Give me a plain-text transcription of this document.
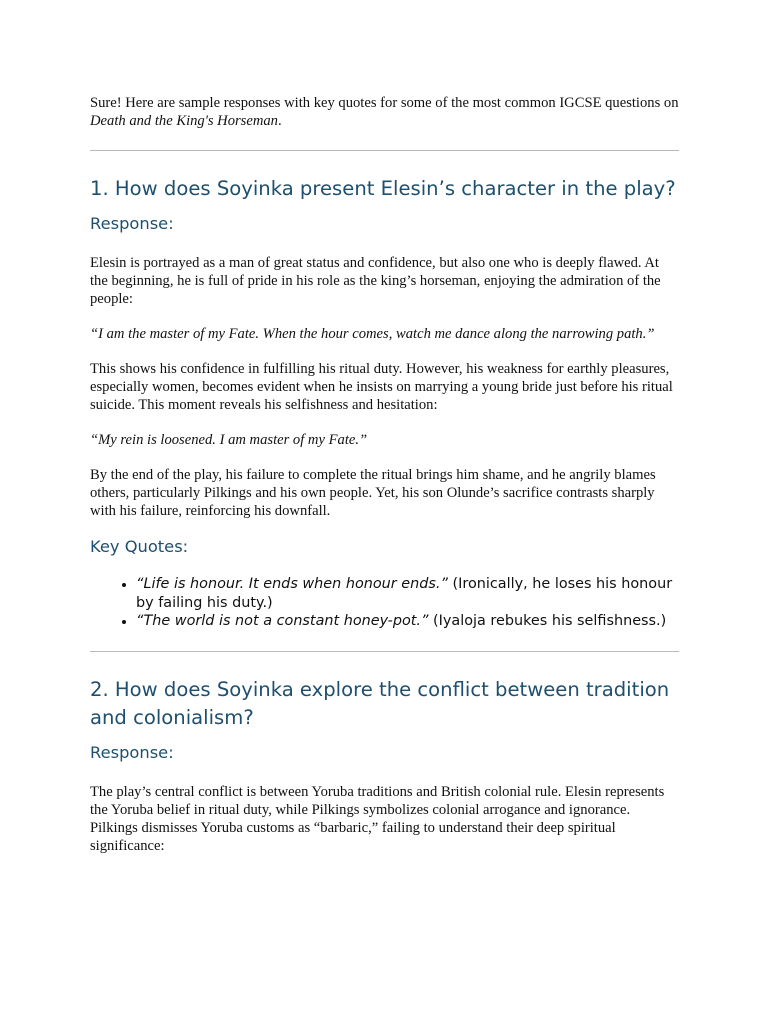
Sure! Here are sample responses with key quotes for some of the most common IGCSE questions on Death and the King's Horseman.

1. How does Soyinka present Elesin’s character in the play?
Response:

Elesin is portrayed as a man of great status and confidence, but also one who is deeply flawed. At the beginning, he is full of pride in his role as the king’s horseman, enjoying the admiration of the people:

“I am the master of my Fate. When the hour comes, watch me dance along the narrowing path.”

This shows his confidence in fulfilling his ritual duty. However, his weakness for earthly pleasures, especially women, becomes evident when he insists on marrying a young bride just before his ritual suicide. This moment reveals his selfishness and hesitation:

“My rein is loosened. I am master of my Fate.”

By the end of the play, his failure to complete the ritual brings him shame, and he angrily blames others, particularly Pilkings and his own people. Yet, his son Olunde’s sacrifice contrasts sharply with his failure, reinforcing his downfall.

Key Quotes:
• “Life is honour. It ends when honour ends.” (Ironically, he loses his honour by failing his duty.)
• “The world is not a constant honey-pot.” (Iyaloja rebukes his selfishness.)
2. How does Soyinka explore the conflict between tradition and colonialism?
Response:

The play’s central conflict is between Yoruba traditions and British colonial rule. Elesin represents the Yoruba belief in ritual duty, while Pilkings symbolizes colonial arrogance and ignorance. Pilkings dismisses Yoruba customs as “barbaric,” failing to understand their deep spiritual significance:
